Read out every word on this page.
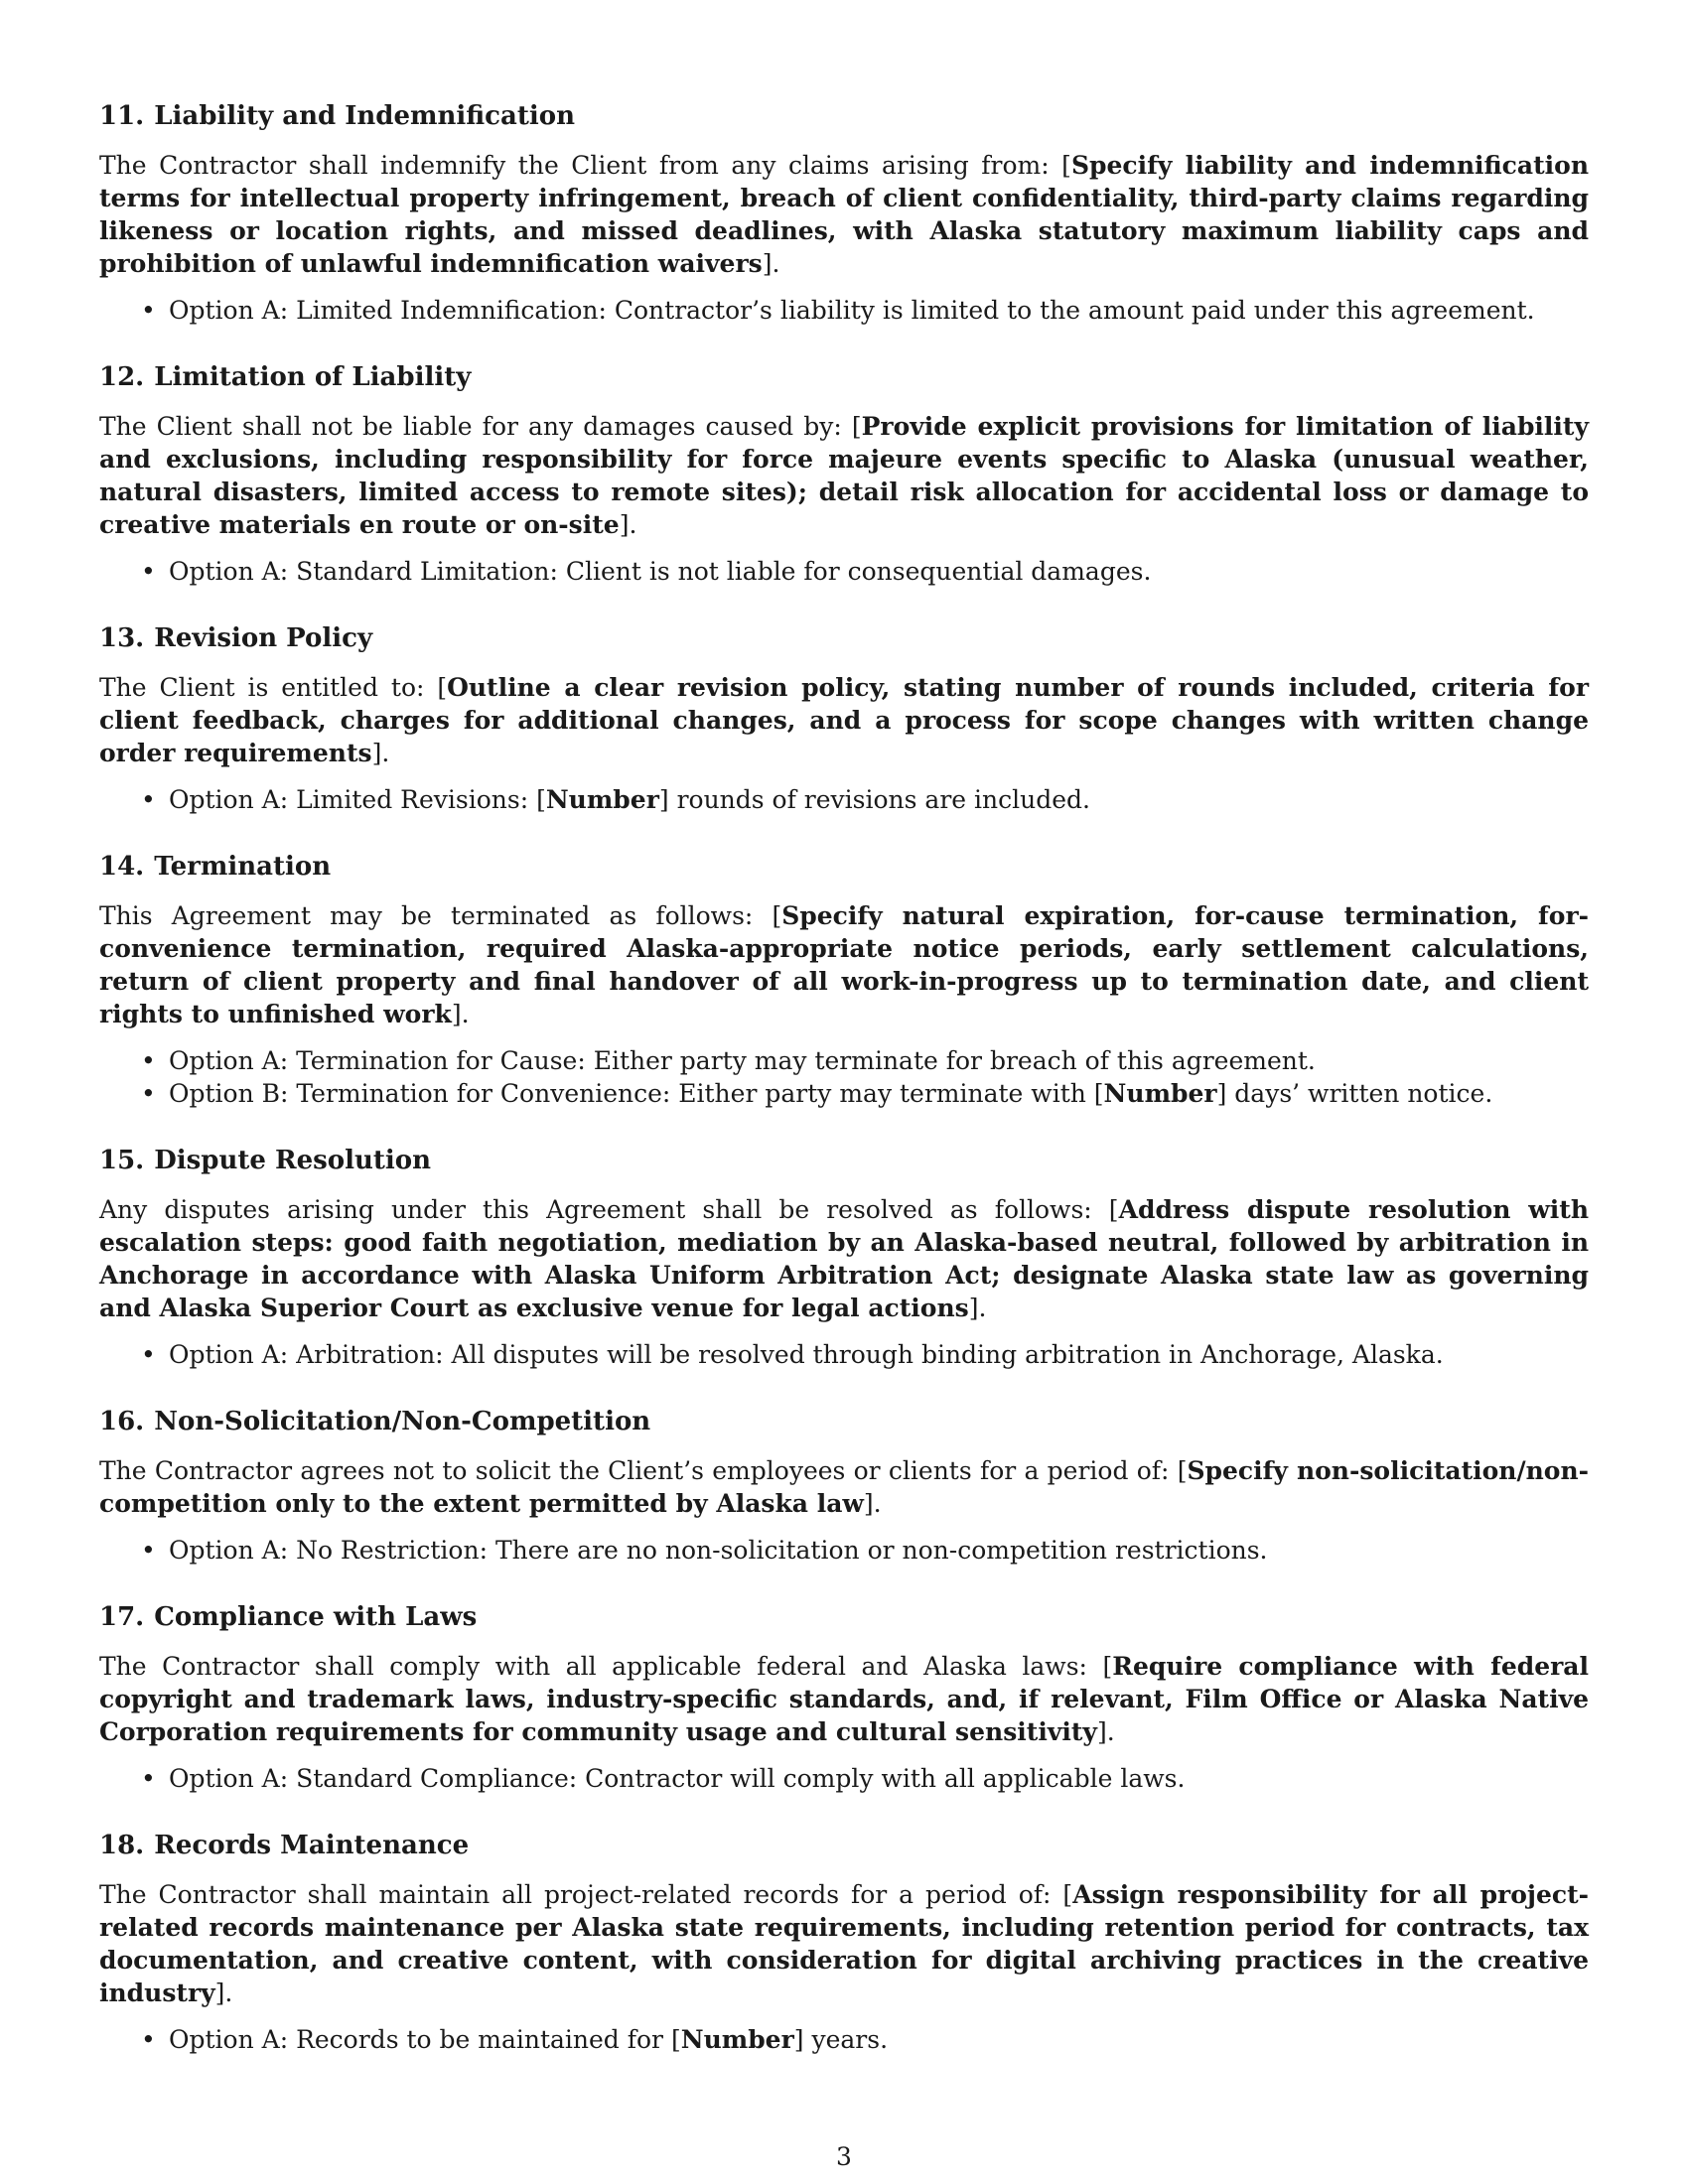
11. Liability and Indemnification

The Contractor shall indemnify the Client from any claims arising from: [Specify liability and indemnification terms for intellectual property infringement, breach of client confidentiality, third-party claims regarding likeness or location rights, and missed deadlines, with Alaska statutory maximum liability caps and prohibition of unlawful indemnification waivers].

• Option A: Limited Indemnification: Contractor’s liability is limited to the amount paid under this agreement.
12. Limitation of Liability

The Client shall not be liable for any damages caused by: [Provide explicit provisions for limitation of liability and exclusions, including responsibility for force majeure events specific to Alaska (unusual weather, natural disasters, limited access to remote sites); detail risk allocation for accidental loss or damage to creative materials en route or on-site].

• Option A: Standard Limitation: Client is not liable for consequential damages.
13. Revision Policy

The Client is entitled to: [Outline a clear revision policy, stating number of rounds included, criteria for client feedback, charges for additional changes, and a process for scope changes with written change order requirements].

• Option A: Limited Revisions: [Number] rounds of revisions are included.
14. Termination

This Agreement may be terminated as follows: [Specify natural expiration, for-cause termination, for-convenience termination, required Alaska-appropriate notice periods, early settlement calculations, return of client property and final handover of all work-in-progress up to termination date, and client rights to unfinished work].

• Option A: Termination for Cause: Either party may terminate for breach of this agreement.
• Option B: Termination for Convenience: Either party may terminate with [Number] days’ written notice.
15. Dispute Resolution

Any disputes arising under this Agreement shall be resolved as follows: [Address dispute resolution with escalation steps: good faith negotiation, mediation by an Alaska-based neutral, followed by arbitration in Anchorage in accordance with Alaska Uniform Arbitration Act; designate Alaska state law as governing and Alaska Superior Court as exclusive venue for legal actions].

• Option A: Arbitration: All disputes will be resolved through binding arbitration in Anchorage, Alaska.
16. Non-Solicitation/Non-Competition

The Contractor agrees not to solicit the Client’s employees or clients for a period of: [Specify non-solicitation/non-competition only to the extent permitted by Alaska law].

• Option A: No Restriction: There are no non-solicitation or non-competition restrictions.
17. Compliance with Laws

The Contractor shall comply with all applicable federal and Alaska laws: [Require compliance with federal copyright and trademark laws, industry-specific standards, and, if relevant, Film Office or Alaska Native Corporation requirements for community usage and cultural sensitivity].

• Option A: Standard Compliance: Contractor will comply with all applicable laws.
18. Records Maintenance

The Contractor shall maintain all project-related records for a period of: [Assign responsibility for all project-related records maintenance per Alaska state requirements, including retention period for contracts, tax documentation, and creative content, with consideration for digital archiving practices in the creative industry].

• Option A: Records to be maintained for [Number] years.
3
